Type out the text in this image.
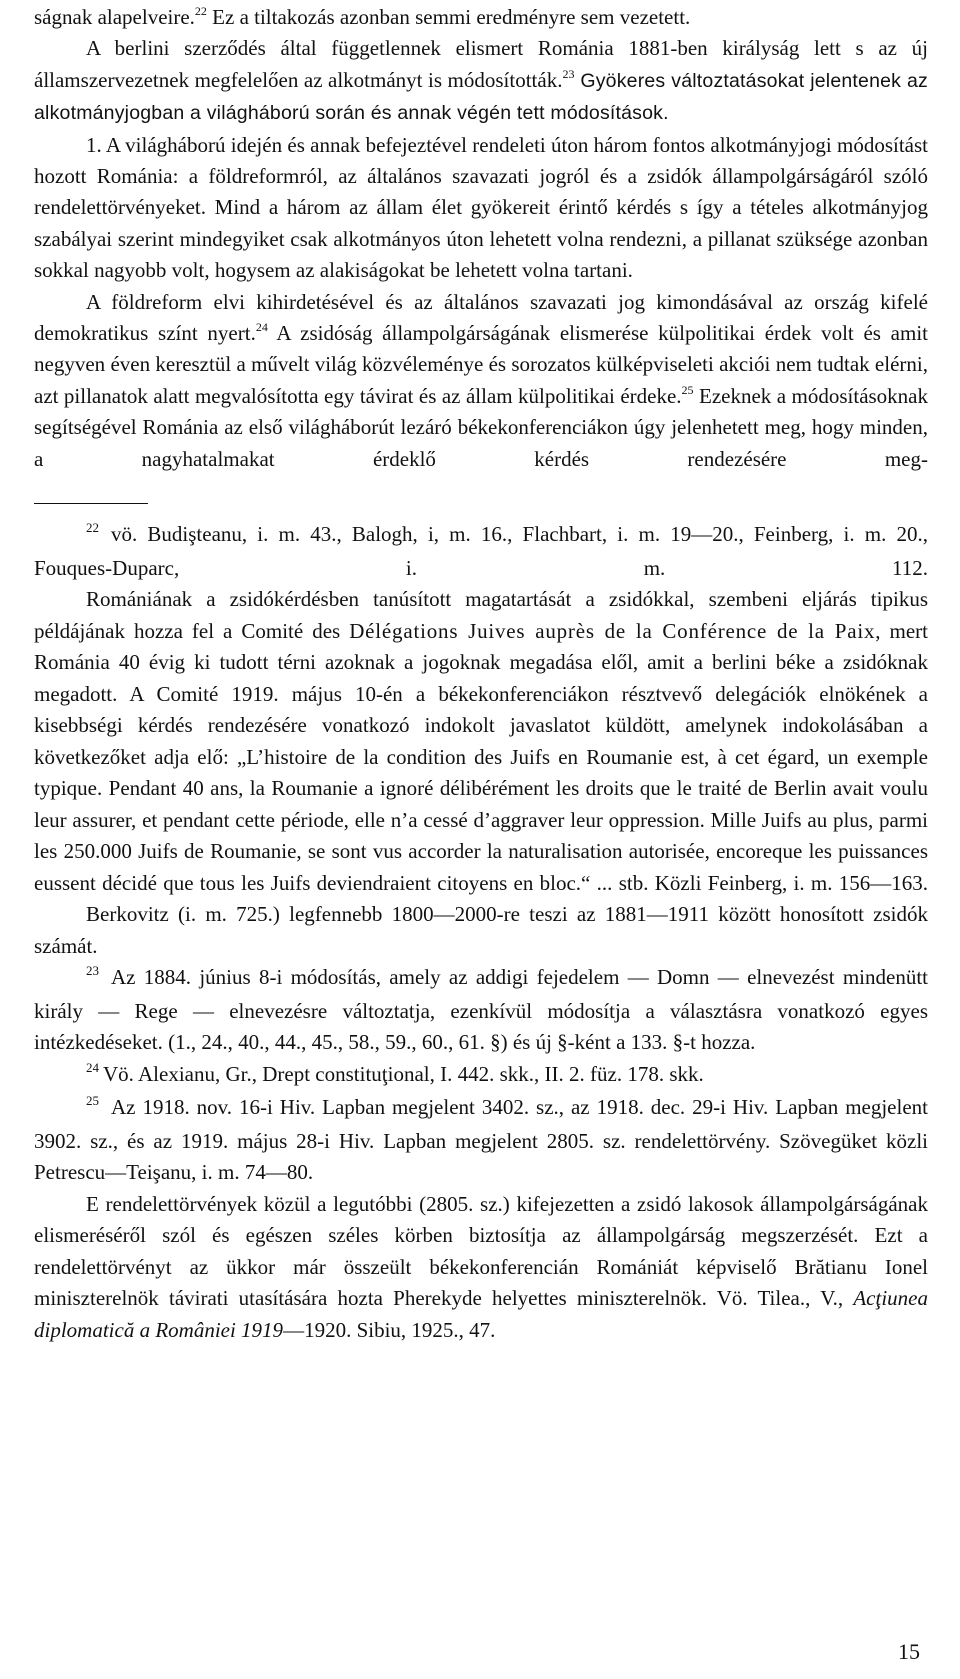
ságnak alapelveire.$^{22}$ Ez a tiltakozás azonban semmi eredményre sem vezetett.

A berlini szerződés által függetlennek elismert Románia 1881-ben királyság lett s az új államszervezetnek megfelelően az alkotmányt is módosították.$^{23}$ Gyökeres változtatásokat jelentenek az alkotmányjogban a világháború során és annak végén tett módosítások.

1. A világháború idején és annak befejeztével rendeleti úton három fontos alkotmányjogi módosítást hozott Románia: a földreformról, az általános szavazati jogról és a zsidók állampolgárságáról szóló rendelettörvényeket. Mind a három az állam élet gyökereit érintő kérdés s így a tételes alkotmányjog szabályai szerint mindegyiket csak alkotmányos úton lehetett volna rendezni, a pillanat szüksége azonban sokkal nagyobb volt, hogysem az alakiságokat be lehetett volna tartani.

A földreform elvi kihirdetésével és az általános szavazati jog kimondásával az ország kifelé demokratikus színt nyert.$^{24}$ A zsidóság állampolgárságának elismerése külpolitikai érdek volt és amit negyven éven keresztül a művelt világ közvéleménye és sorozatos külképviseleti akciói nem tudtak elérni, azt pillanatok alatt megvalósította egy távirat és az állam külpolitikai érdeke.$^{25}$ Ezeknek a módosításoknak segítségével Románia az első világháborút lezáró békekonferenciákon úgy jelenhetett meg, hogy minden, a nagyhatalmakat érdeklő kérdés rendezésére meg-

$^{22}$ vö. Budişteanu, i. m. 43., Balogh, i, m. 16., Flachbart, i. m. 19—20., Feinberg, i. m. 20., Fouques-Duparc, i. m. 112.

Romániának a zsidókérdésben tanúsított magatartását a zsidókkal, szembeni eljárás tipikus példájának hozza fel a Comité des Délégations Juives auprès de la Conférence de la Paix, mert Románia 40 évig ki tudott térni azoknak a jogoknak megadása elől, amit a berlini béke a zsidóknak megadott. A Comité 1919. május 10-én a békekonferenciákon résztvevő delegációk elnökének a kisebbségi kérdés rendezésére vonatkozó indokolt javaslatot küldött, amelynek indokolásában a következőket adja elő: „L’histoire de la condition des Juifs en Roumanie est, à cet égard, un exemple typique. Pendant 40 ans, la Roumanie a ignoré délibérément les droits que le traité de Berlin avait voulu leur assurer, et pendant cette période, elle n’a cessé d’aggraver leur oppression. Mille Juifs au plus, parmi les 250.000 Juifs de Roumanie, se sont vus accorder la naturalisation autorisée, encoreque les puissances eussent décidé que tous les Juifs deviendraient citoyens en bloc.“ ... stb. Közli Feinberg, i. m. 156—163.

Berkovitz (i. m. 725.) legfennebb 1800—2000-re teszi az 1881—1911 között honosított zsidók számát.

$^{23}$ Az 1884. június 8-i módosítás, amely az addigi fejedelem — Domn — elnevezést mindenütt király — Rege — elnevezésre változtatja, ezenkívül módosítja a választásra vonatkozó egyes intézkedéseket. (1., 24., 40., 44., 45., 58., 59., 60., 61. §) és új §-ként a 133. §-t hozza.

$^{24}$ Vö. Alexianu, Gr., Drept constituţional, I. 442. skk., II. 2. füz. 178. skk.

$^{25}$ Az 1918. nov. 16-i Hiv. Lapban megjelent 3402. sz., az 1918. dec. 29-i Hiv. Lapban megjelent 3902. sz., és az 1919. május 28-i Hiv. Lapban megjelent 2805. sz. rendelettörvény. Szövegüket közli Petrescu—Teişanu, i. m. 74—80.

E rendelettörvények közül a legutóbbi (2805. sz.) kifejezetten a zsidó lakosok állampolgárságának elismeréséről szól és egészen széles körben biztosítja az állampolgárság megszerzését. Ezt a rendelettörvényt az ükkor már összeült békekonferencián Romániát képviselő Brătianu Ionel miniszterelnök távirati utasítására hozta Pherekyde helyettes miniszterelnök. Vö. Tilea., V., Acţiunea diplomatică a României 1919—1920. Sibiu, 1925., 47.

15
